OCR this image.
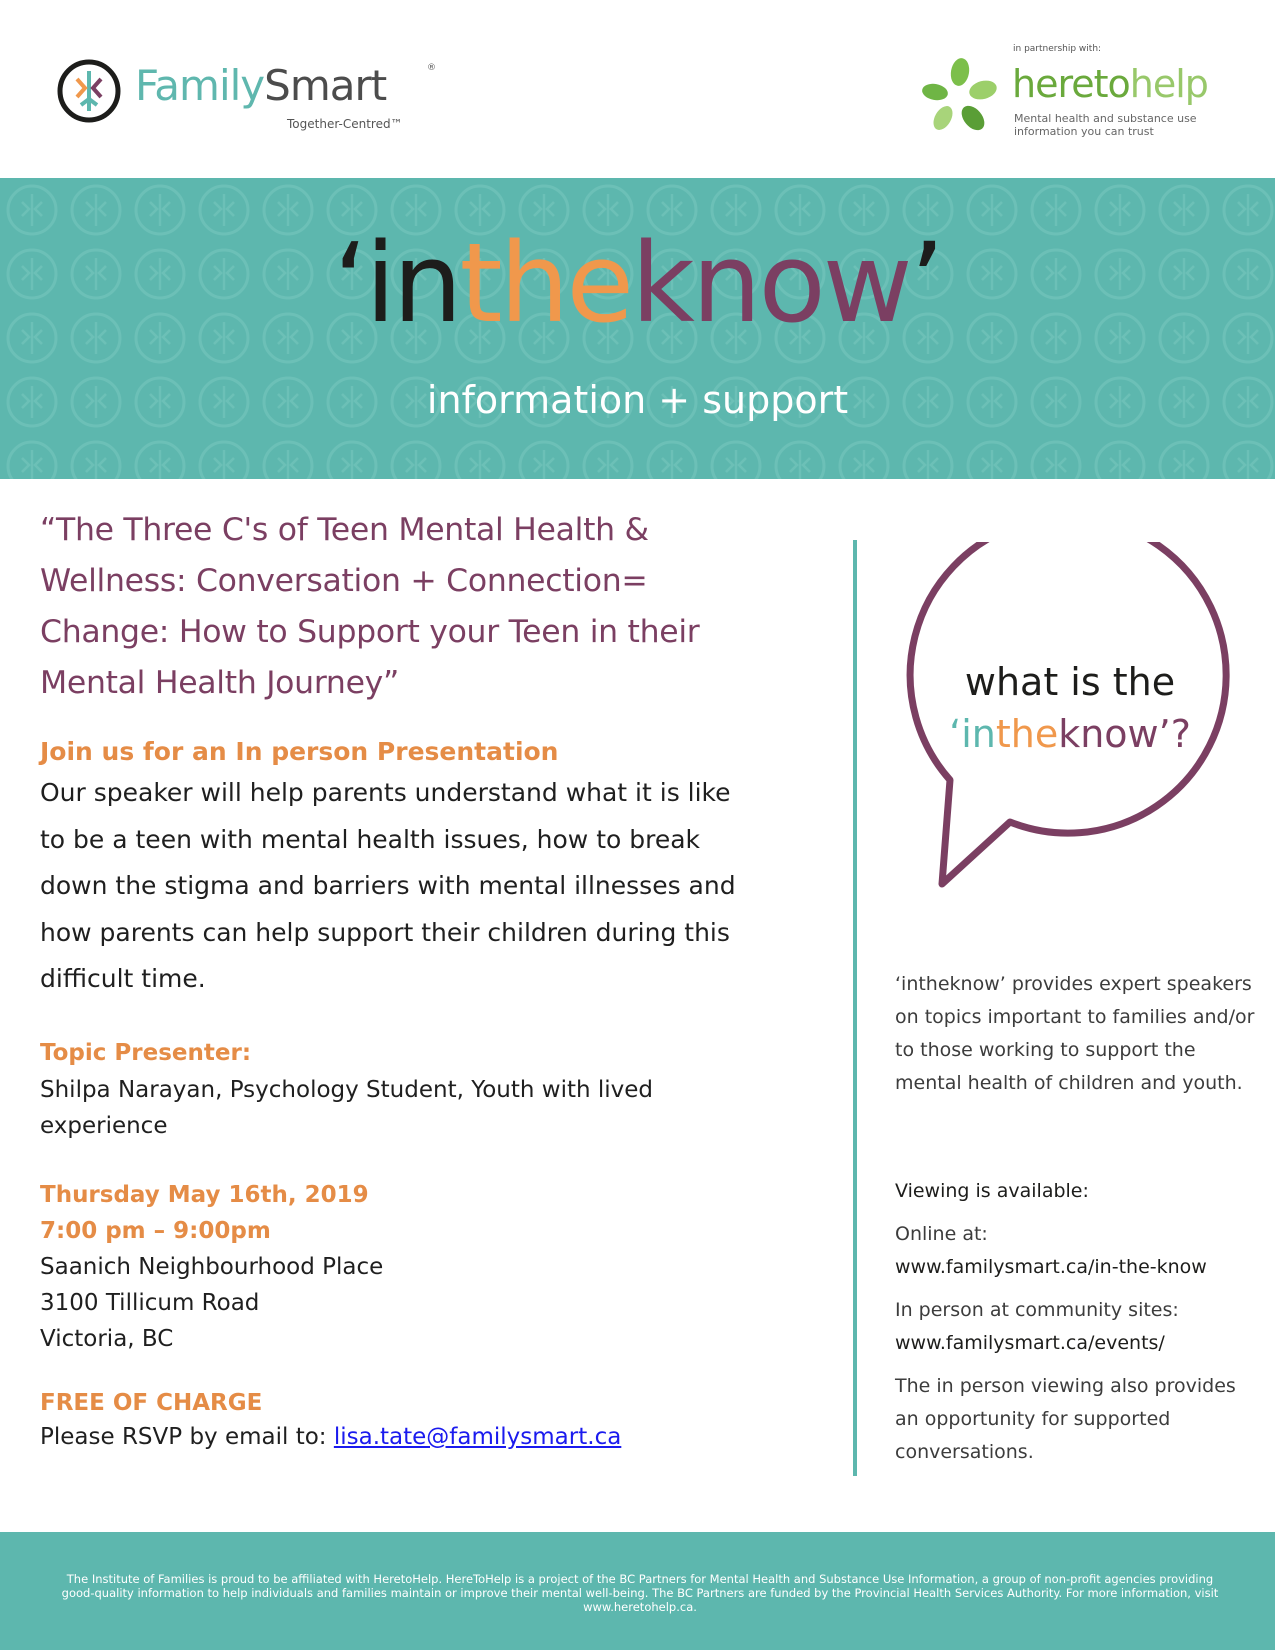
FamilySmart	®
Together-Centred™
in partnership with:
heretohelp
Mental health and substance use information you can trust
‘intheknow’
information + support
“The Three C's of Teen Mental Health & Wellness: Conversation + Connection= Change: How to Support your Teen in their Mental Health Journey”
Join us for an In person Presentation
Our speaker will help parents understand what it is like to be a teen with mental health issues, how to break down the stigma and barriers with mental illnesses and how parents can help support their children during this difficult time.
Topic Presenter:
Shilpa Narayan, Psychology Student, Youth with lived experience
Thursday May 16th, 2019
7:00 pm – 9:00pm
Saanich Neighbourhood Place
3100 Tillicum Road
Victoria, BC
FREE OF CHARGE
Please RSVP by email to: lisa.tate@familysmart.ca
what is the
‘intheknow’?
‘intheknow’ provides expert speakers on topics important to families and/or to those working to support the mental health of children and youth.
Viewing is available:
Online at:
www.familysmart.ca/in-the-know
In person at community sites:
www.familysmart.ca/events/
The in person viewing also provides an opportunity for supported conversations.
The Institute of Families is proud to be affiliated with HeretoHelp. HereToHelp is a project of the BC Partners for Mental Health and Substance Use Information, a group of non-profit agencies providing good-quality information to help individuals and families maintain or improve their mental well-being. The BC Partners are funded by the Provincial Health Services Authority. For more information, visit www.heretohelp.ca.
